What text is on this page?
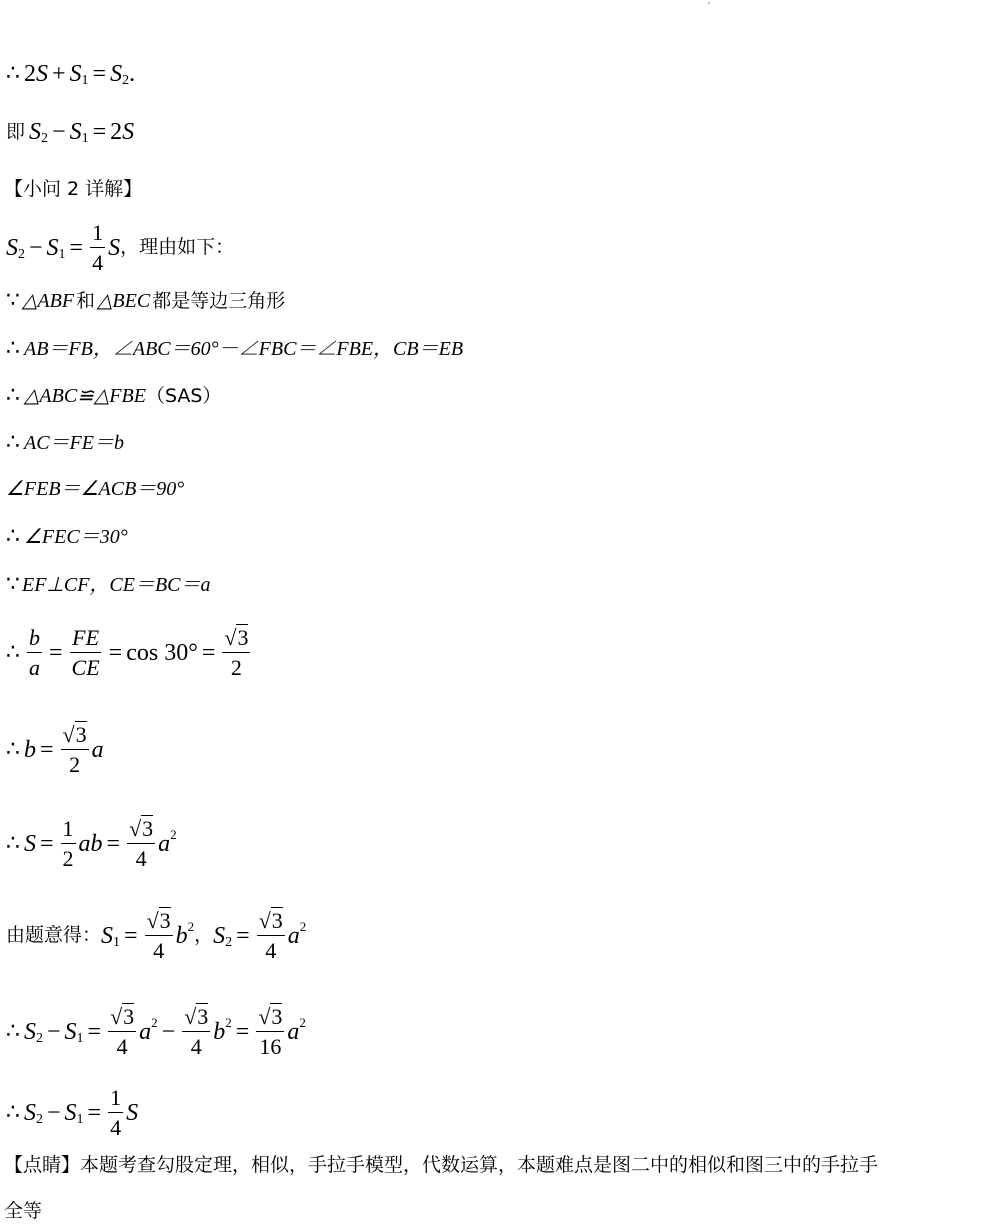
∴ 2 S + S 1 = S 2 .
即 S 2 − S 1 = 2 S
【小问 2 详解】
S 2 − S $1 = \frac{1}{4}$ S ，理由如下：
∵ △ABF 和 △BEC 都是等边三角形
∴ AB＝FB，∠ABC＝60°－∠FBC＝∠FBE，CB＝EB
∴ △ABC≌△FBE （SAS）
∴ AC＝FE＝b
∠FEB＝∠ACB＝90°
∴ ∠FEC＝30°
∵ EF⊥CF，CE＝BC＝a
∴ $\frac{b}{a} = \frac{FE}{CE} = \cos 30^\circ = \frac{√3}{2}$
∴ $b = \frac{√3}{2}$ a
∴ $S = \frac{1}{2}$ ab = $\frac{√3}{4}$ a 2
由题意得： S $1 = \frac{√3}{4}$ b 2 ， S $2 = \frac{√3}{4}$ a 2
∴ S 2 − S $1 = \frac{√3}{4}$ a $2 - \frac{√3}{4}$ b $2 = \frac{√3}{16}$ a 2
∴ S 2 − S $1 = \frac{1}{4}$ S
【点睛】本题考查勾股定理，相似，手拉手模型，代数运算，本题难点是图二中的相似和图三中的手拉手
全等
